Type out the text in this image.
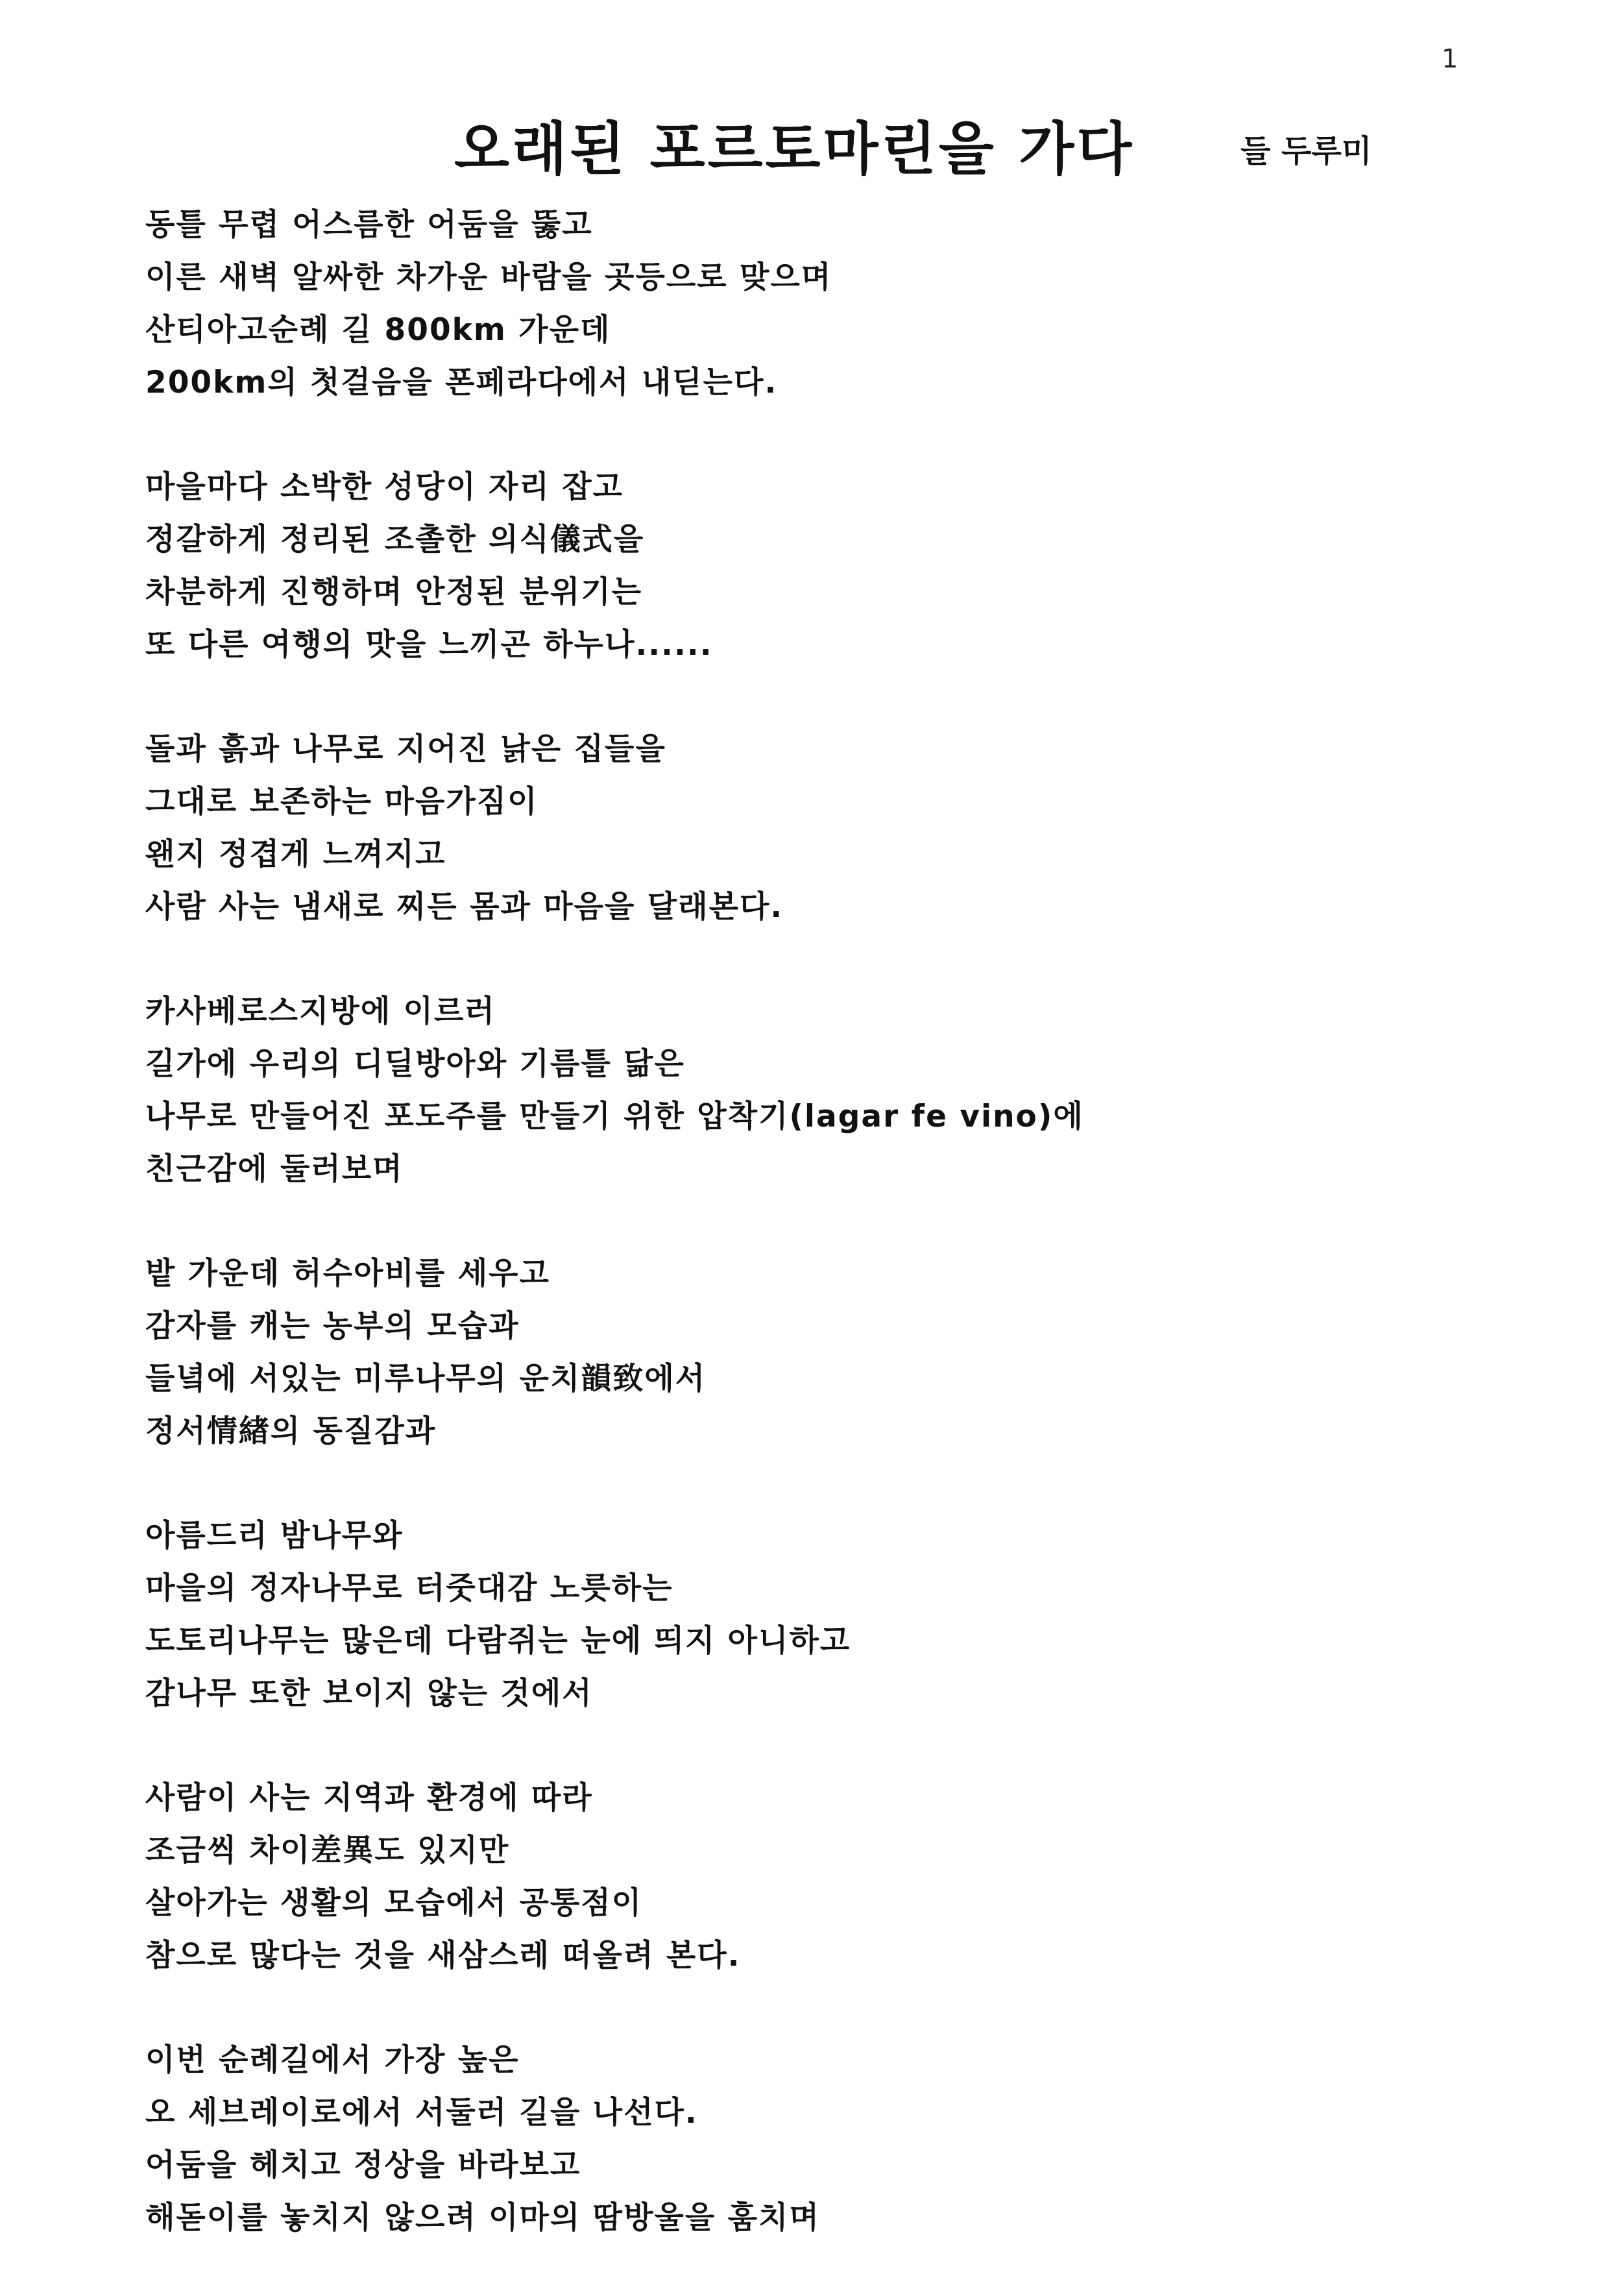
1
오래된 포르토마린을 가다	들 두루미
동틀 무렵 어스름한 어둠을 뚫고
이른 새벽 알싸한 차가운 바람을 곳등으로 맞으며
산티아고순례 길 800km 가운데
200km의 첫걸음을 폰페라다에서 내딛는다.
마을마다 소박한 성당이 자리 잡고
정갈하게 정리된 조촐한 의식儀式을
차분하게 진행하며 안정된 분위기는
또 다른 여행의 맛을 느끼곤 하누나......
돌과 흙과 나무로 지어진 낡은 집들을
그대로 보존하는 마음가짐이
왠지 정겹게 느껴지고
사람 사는 냄새로 찌든 몸과 마음을 달래본다.
카사베로스지방에 이르러
길가에 우리의 디딜방아와 기름틀 닮은
나무로 만들어진 포도주를 만들기 위한 압착기(lagar fe vino)에
친근감에 둘러보며
밭 가운데 허수아비를 세우고
감자를 캐는 농부의 모습과
들녘에 서있는 미루나무의 운치韻致에서
정서情緖의 동질감과
아름드리 밤나무와
마을의 정자나무로 터줏대감 노릇하는
도토리나무는 많은데 다람쥐는 눈에 띄지 아니하고
감나무 또한 보이지 않는 것에서
사람이 사는 지역과 환경에 따라
조금씩 차이差異도 있지만
살아가는 생활의 모습에서 공통점이
참으로 많다는 것을 새삼스레 떠올려 본다.
이번 순례길에서 가장 높은
오 세브레이로에서 서둘러 길을 나선다.
어둠을 헤치고 정상을 바라보고
해돋이를 놓치지 않으려 이마의 땀방울을 훔치며
